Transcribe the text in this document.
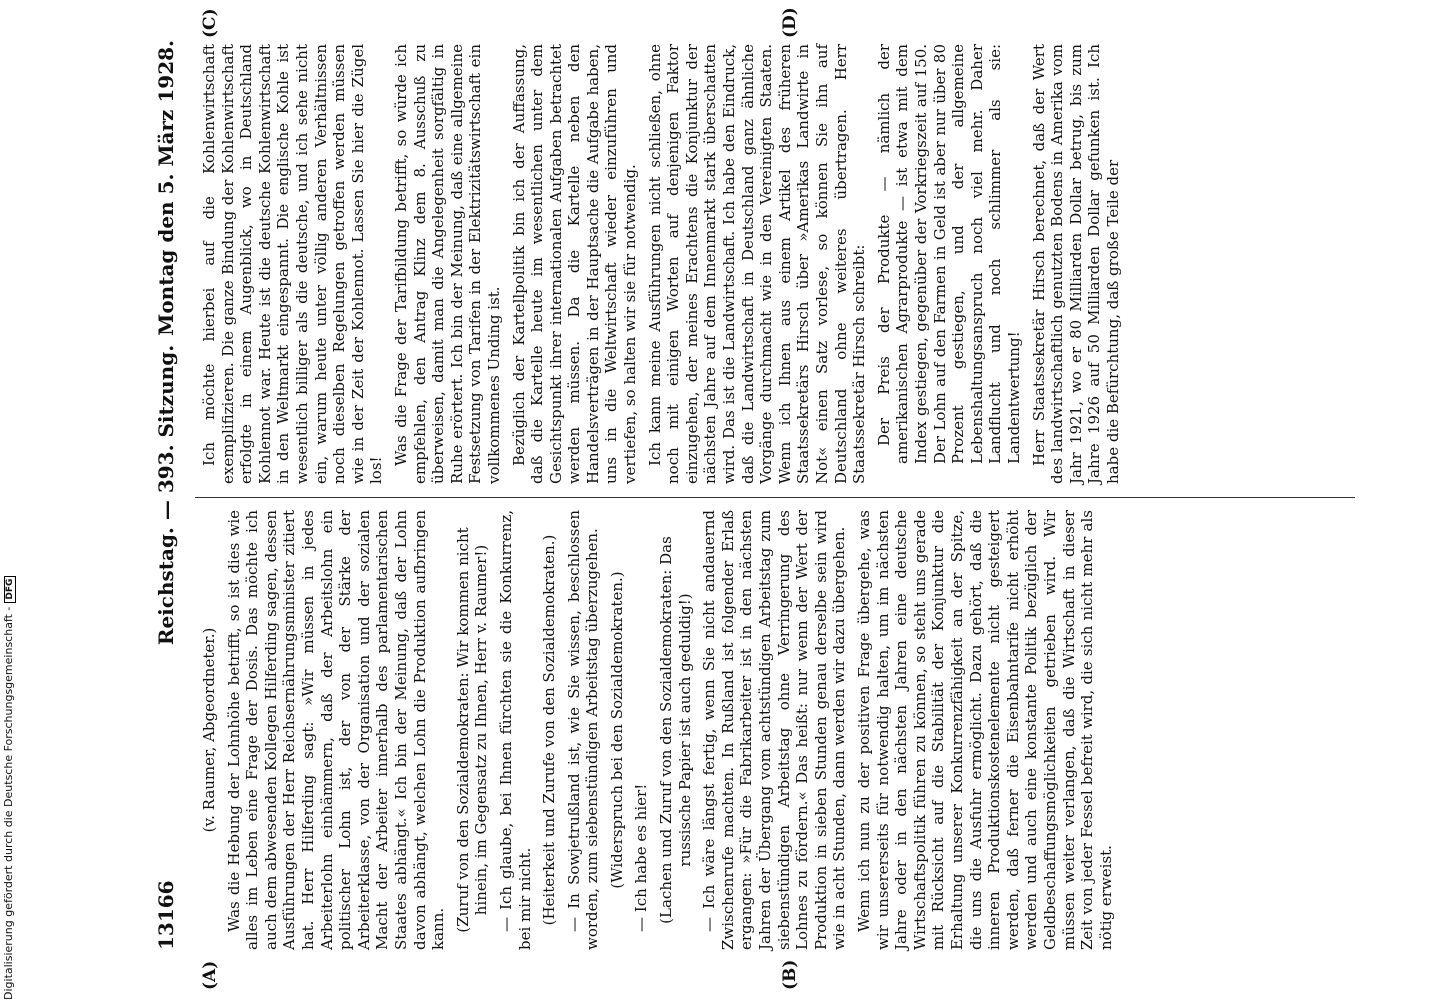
13166
Reichstag. — 393. Sitzung.
Montag den 5. März 1928.
(A)	(B)
(C)	(D)

(v. Raumer, Abgeordneter.) Was die Hebung der Lohnhöhe betrifft, so ist dies wie alles im Leben eine Frage der Dosis. Das möchte ich auch dem abwesenden Kollegen Hilferding sagen, dessen Ausführungen der Herr Reichsernährungsminister zitiert hat. Herr Hilferding sagt: »Wir müssen in jedes Arbeiterlohn einhämmern, daß der Arbeitslohn ein politischer Lohn ist, der von der Stärke der Arbeiterklasse, von der Organisation und der sozialen Macht der Arbeiter innerhalb des parlamentarischen Staates abhängt.« Ich bin der Meinung, daß der Lohn davon abhängt, welchen Lohn die Produktion aufbringen kann. (Zuruf von den Sozialdemokraten: Wir kommen nicht hinein, im Gegensatz zu Ihnen, Herr v. Raumer!) — Ich glaube, bei Ihnen fürchten sie die Konkurrenz, bei mir nicht. (Heiterkeit und Zurufe von den Sozialdemokraten.) — In Sowjetrußland ist, wie Sie wissen, beschlossen worden, zum siebenstündigen Arbeitstag überzugehen. (Widerspruch bei den Sozialdemokraten.) — Ich habe es hier! (Lachen und Zuruf von den Sozialdemokraten: Das russische Papier ist auch geduldig!) — Ich wäre längst fertig, wenn Sie nicht andauernd Zwischenrufe machten. In Rußland ist folgender Erlaß ergangen: »Für die Fabrikarbeiter ist in den nächsten Jahren der Übergang vom achtstündigen Arbeitstag zum siebenstündigen Arbeitstag ohne Verringerung des Lohnes zu fördern.« Das heißt: nur wenn der Wert der Produktion in sieben Stunden genau derselbe sein wird wie in acht Stunden, dann werden wir dazu übergehen. Wenn ich nun zu der positiven Frage übergehe, was wir unsererseits für notwendig halten, um im nächsten Jahre oder in den nächsten Jahren eine deutsche Wirtschaftspolitik führen zu können, so steht uns gerade mit Rücksicht auf die Stabilität der Konjunktur die Erhaltung unserer Konkurrenzfähigkeit an der Spitze, die uns die Ausfuhr ermöglicht. Dazu gehört, daß die inneren Produktionskostenelemente nicht gesteigert werden, daß ferner die Eisenbahntarife nicht erhöht werden und auch eine konstante Politik bezüglich der Geldbeschaffungsmöglichkeiten getrieben wird. Wir müssen weiter verlangen, daß die Wirtschaft in dieser Zeit von jeder Fessel befreit wird, die sich nicht mehr als nötig erweist.

Ich möchte hierbei auf die Kohlenwirtschaft exemplifizieren. Die ganze Bindung der Kohlenwirtschaft erfolgte in einem Augenblick, wo in Deutschland Kohlennot war. Heute ist die deutsche Kohlenwirtschaft in den Weltmarkt eingespannt. Die englische Kohle ist wesentlich billiger als die deutsche, und ich sehe nicht ein, warum heute unter völlig anderen Verhältnissen noch dieselben Regelungen getroffen werden müssen wie in der Zeit der Kohlennot. Lassen Sie hier die Zügel los!

Was die Frage der Tarifbildung betrifft, so würde ich empfehlen, den Antrag Klinz dem 8. Ausschuß zu überweisen, damit man die Angelegenheit sorgfältig in Ruhe erörtert. Ich bin der Meinung, daß eine allgemeine Festsetzung von Tarifen in der Elektrizitätswirtschaft ein vollkommenes Unding ist. Bezüglich der Kartellpolitik bin ich der Auffassung, daß die Kartelle heute im wesentlichen unter dem Gesichtspunkt ihrer internationalen Aufgaben betrachtet werden müssen. Da die Kartelle neben den Handelsverträgen in der Hauptsache die Aufgabe haben, uns in die Weltwirtschaft wieder einzuführen und vertiefen, so halten wir sie für notwendig. Ich kann meine Ausführungen nicht schließen, ohne noch mit einigen Worten auf denjenigen Faktor einzugehen, der meines Erachtens die Konjunktur der nächsten Jahre auf dem Innenmarkt stark überschatten wird. Das ist die Landwirtschaft. Ich habe den Eindruck, daß die Landwirtschaft in Deutschland ganz ähnliche Vorgänge durchmacht wie in den Vereinigten Staaten. Wenn ich Ihnen aus einem Artikel des früheren Staatssekretärs Hirsch über »Amerikas Landwirte in Not« einen Satz vorlese, so können Sie ihn auf Deutschland ohne weiteres übertragen. Herr Staatssekretär Hirsch schreibt: Der Preis der Produkte — nämlich der amerikanischen Agrarprodukte — ist etwa mit dem Index gestiegen, gegenüber der Vorkriegszeit auf 150. Der Lohn auf den Farmen in Geld ist aber nur über 80 Prozent gestiegen, und der allgemeine Lebenshaltungsanspruch noch viel mehr. Daher Landflucht und noch schlimmer als sie: Landentwertung! Herr Staatssekretär Hirsch berechnet, daß der Wert des landwirtschaftlich genutzten Bodens in Amerika vom Jahr 1921, wo er 80 Milliarden Dollar betrug, bis zum Jahre 1926 auf 50 Milliarden Dollar gefunken ist. Ich habe die Befürchtung, daß große Teile der

Digitalisierung gefördert durch die Deutsche Forschungsgemeinschaft -DFG
